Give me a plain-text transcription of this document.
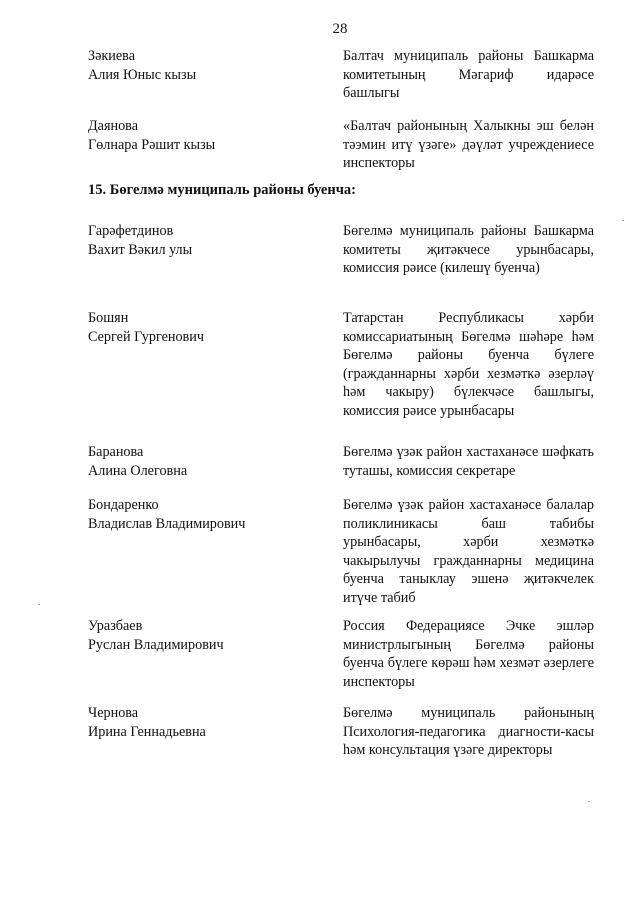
28
Зәкиева
Алия Юныс кызы
Балтач муниципаль районы Башкарма комитетының Мәгариф идарәсе башлыгы
Даянова
Гөлнара Рәшит кызы
«Балтач районының Халыкны эш белән тәэмин итү үзәге» дәүләт учреждениесе инспекторы
15. Бөгелмә муниципаль районы буенча:
Гарәфетдинов
Вахит Вәкил улы
Бөгелмә муниципаль районы Башкарма комитеты җитәкчесе урынбасары, комиссия рәисе (килешү буенча)
Бошян
Сергей Гургенович
Татарстан Республикасы хәрби комиссариатының Бөгелмә шәһәре һәм Бөгелмә районы буенча бүлеге (гражданнарны хәрби хезмәткә әзерләү һәм чакыру) бүлекчәсе башлыгы, комиссия рәисе урынбасары
Баранова
Алина Олеговна
Бөгелмә үзәк район хастаханәсе шәфкать туташы, комиссия секретаре
Бондаренко
Владислав Владимирович
Бөгелмә үзәк район хастаханәсе балалар поликлиникасы баш табибы урынбасары, хәрби хезмәткә чакырылучы гражданнарны медицина буенча таныклау эшенә җитәкчелек итүче табиб
Уразбаев
Руслан Владимирович
Россия Федерациясе Эчке эшләр министрлыгының Бөгелмә районы буенча бүлеге көрәш һәм хезмәт әзерлеге инспекторы
Чернова
Ирина Геннадьевна
Бөгелмә муниципаль районының Психология-педагогика диагности-касы һәм консультация үзәге директоры
